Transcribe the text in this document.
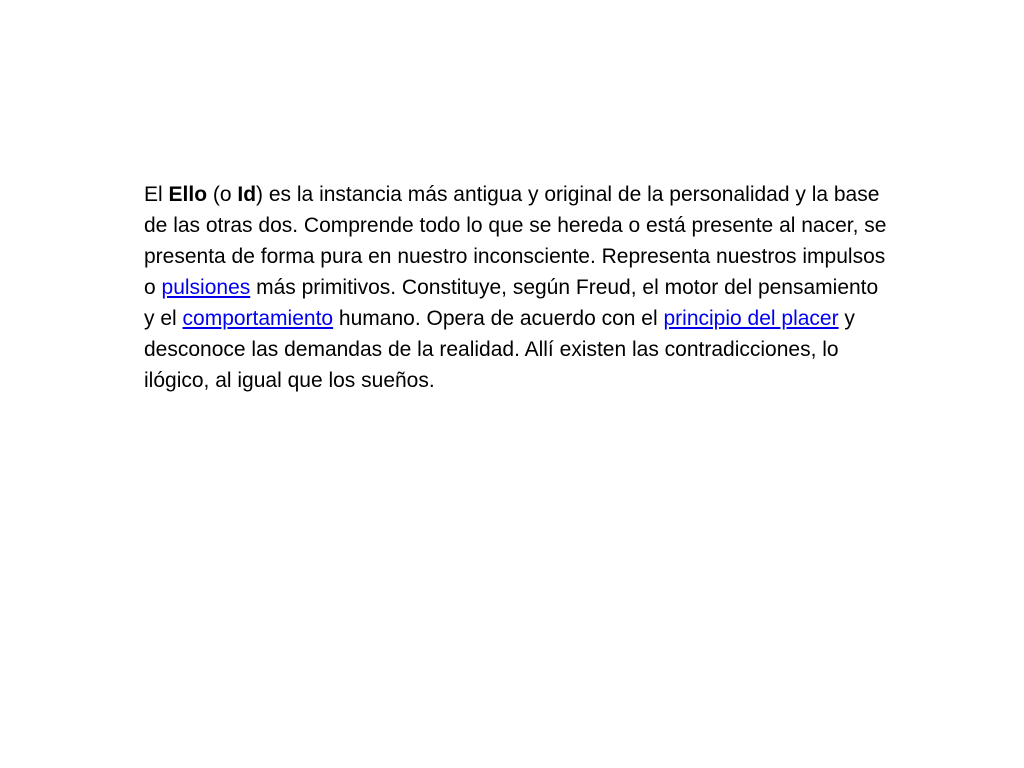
El Ello (o Id) es la instancia más antigua y original de la personalidad y la base de las otras dos. Comprende todo lo que se hereda o está presente al nacer, se presenta de forma pura en nuestro inconsciente. Representa nuestros impulsos o pulsiones más primitivos. Constituye, según Freud, el motor del pensamiento y el comportamiento humano. Opera de acuerdo con el principio del placer y desconoce las demandas de la realidad. Allí existen las contradicciones, lo ilógico, al igual que los sueños.
